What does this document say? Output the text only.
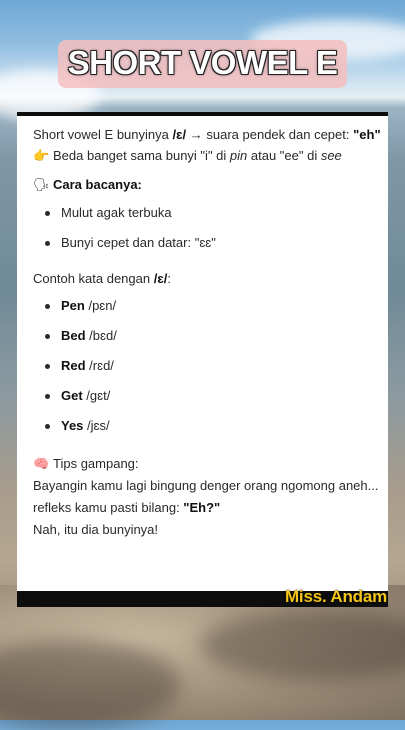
SHORT VOWEL E

Short vowel E bunyinya /ɛ/ → suara pendek dan cepet: "eh"

👉 Beda banget sama bunyi "i" di pin atau "ee" di see

🗣 Cara bacanya:

Mulut agak terbuka
Bunyi cepet dan datar: "ɛɛ"

Contoh kata dengan /ɛ/:

Pen /pɛn/
Bed /bɛd/
Red /rɛd/
Get /gɛt/
Yes /jɛs/
🧠 Tips gampang:
Bayangin kamu lagi bingung denger orang ngomong aneh...
refleks kamu pasti bilang: "Eh?"
Nah, itu dia bunyinya!
Miss. Andam
